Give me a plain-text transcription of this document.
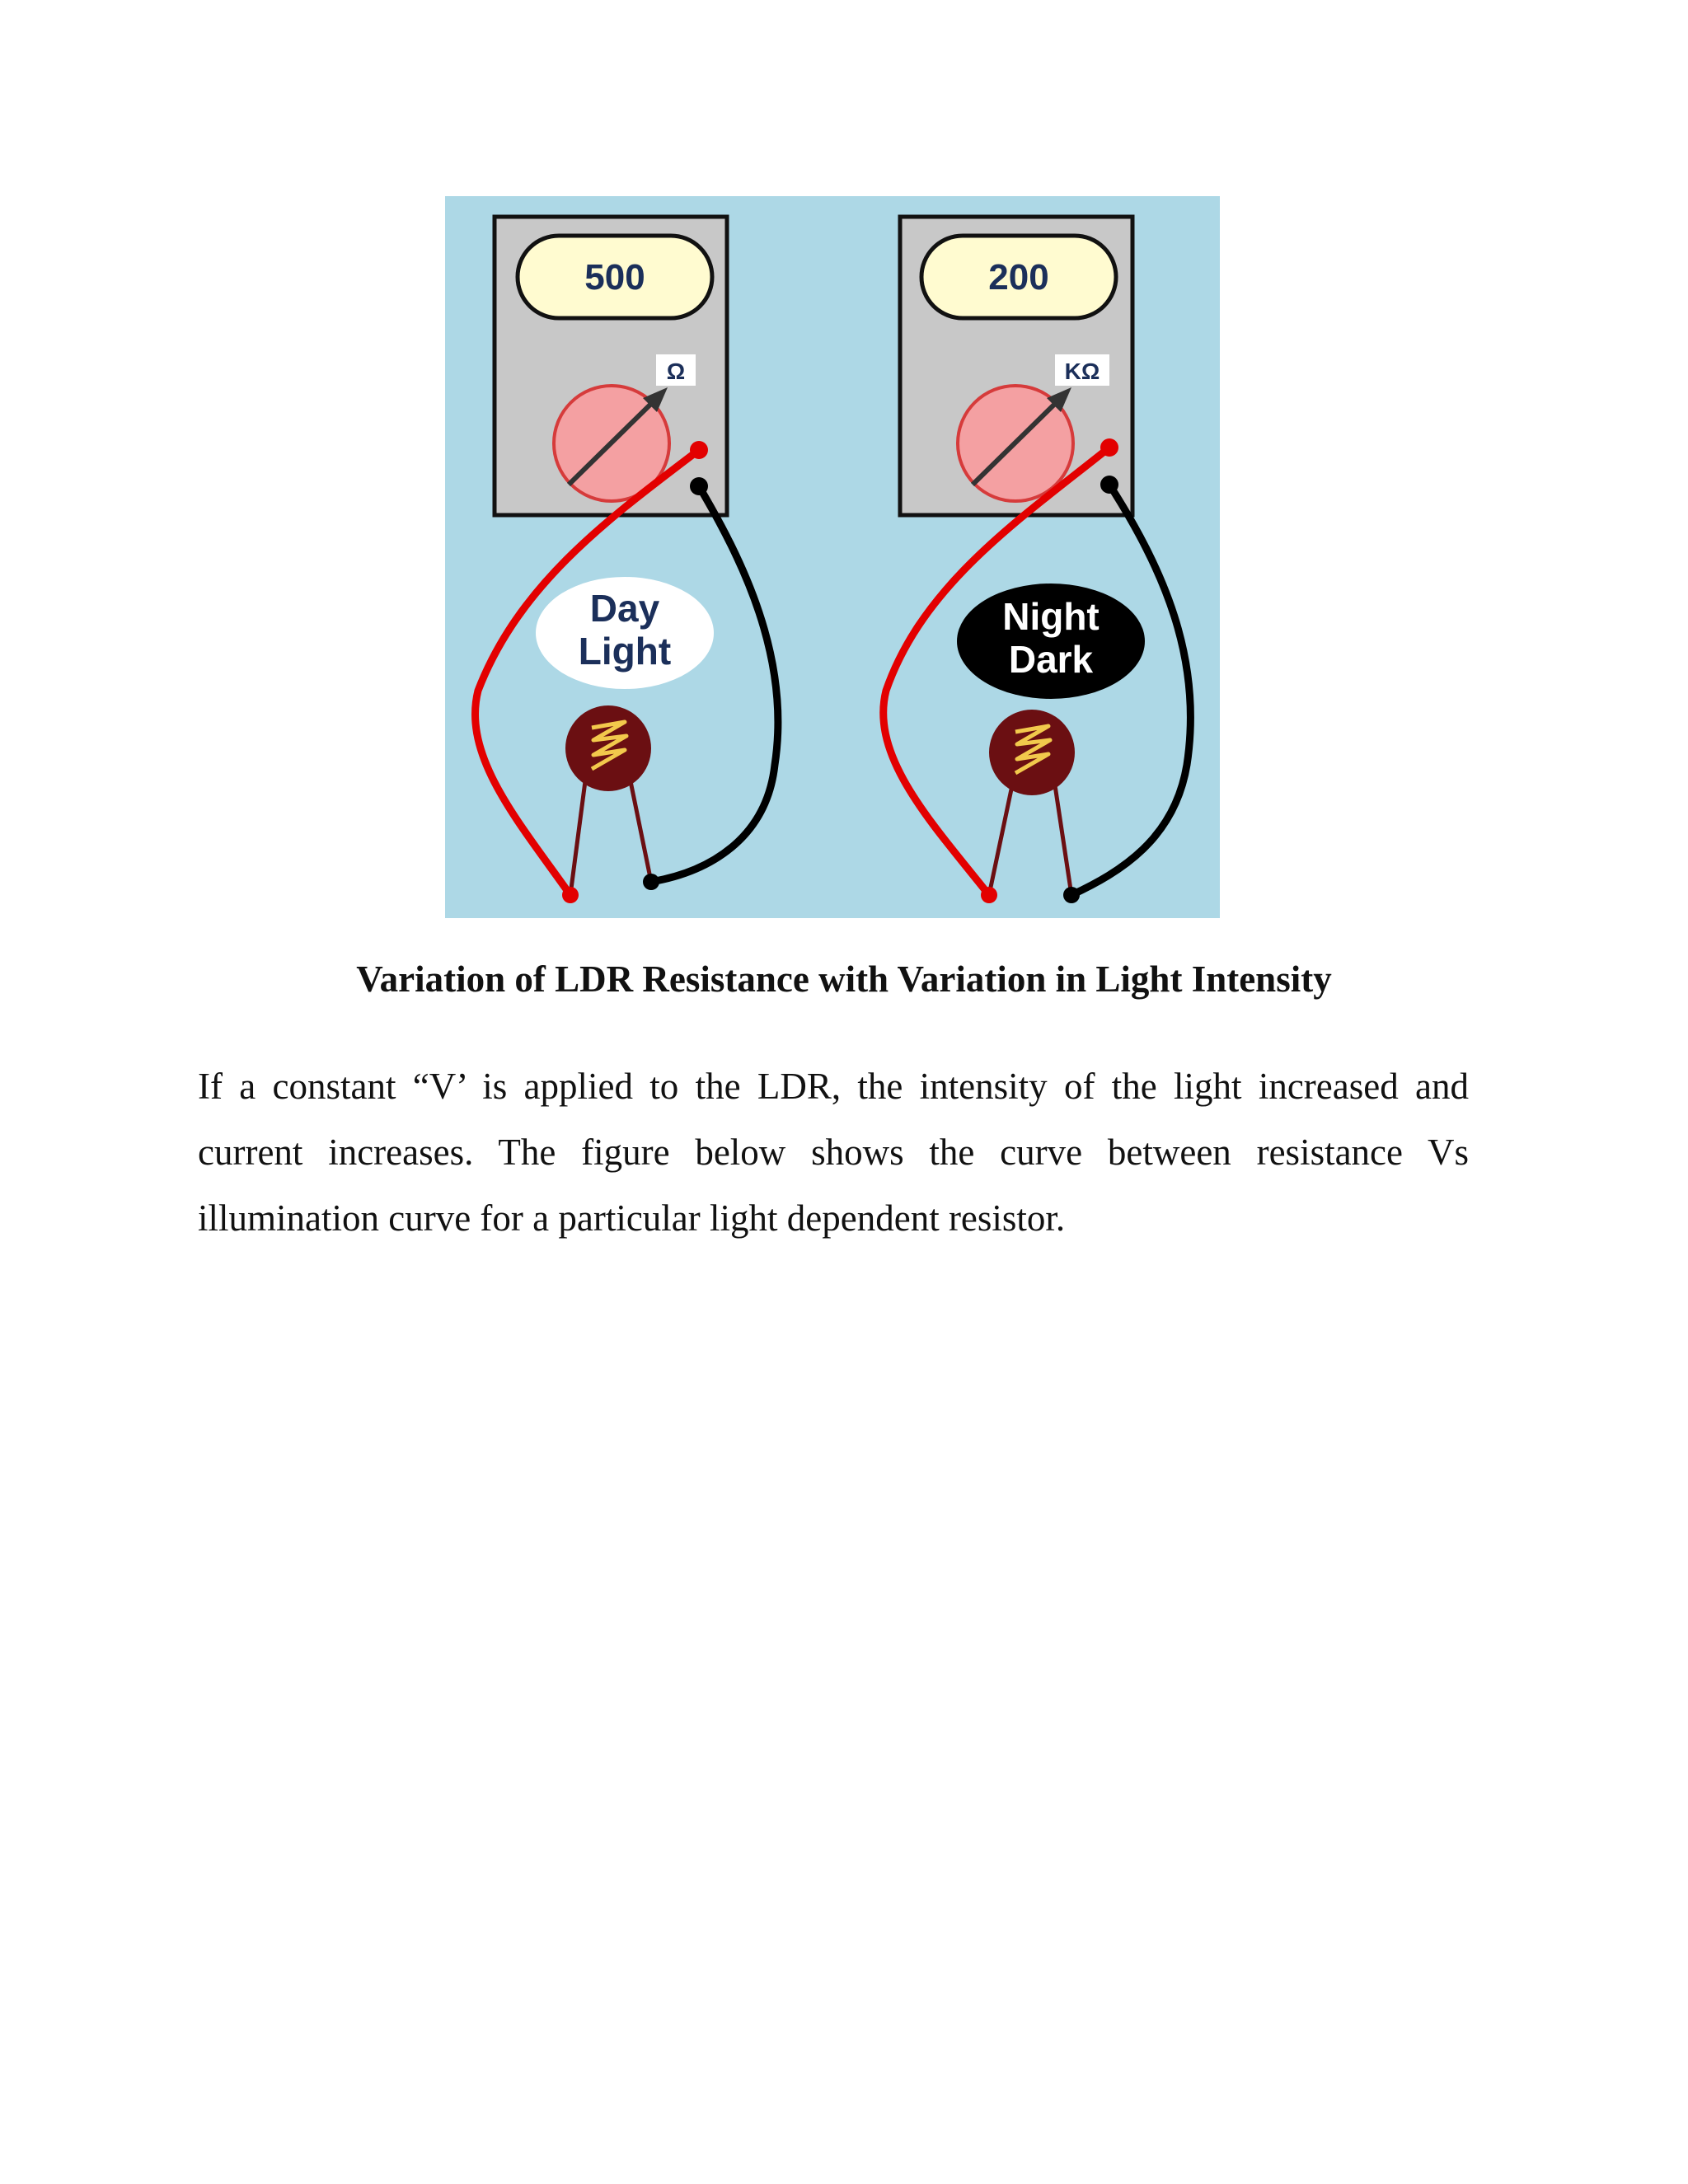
500
Ω
Day
Light
200
KΩ
Night
Dark

Variation of LDR Resistance with Variation in Light Intensity

If a constant “V’ is applied to the LDR, the intensity of the light increased and current increases. The figure below shows the curve between resistance Vs illumination curve for a particular light dependent resistor.
